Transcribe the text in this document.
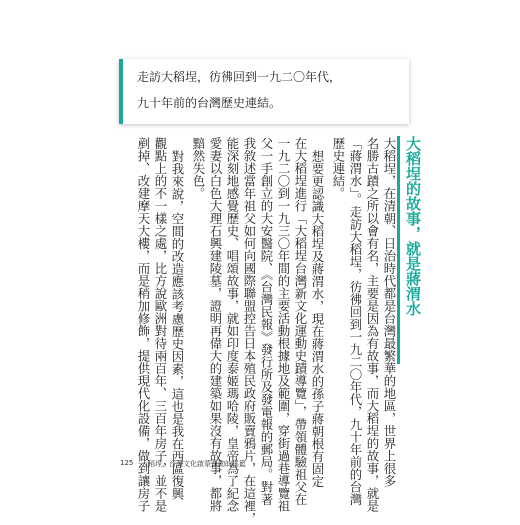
走訪大稻埕，彷彿回到一九二〇年代，
九十年前的台灣歷史連結。
大稻埕的故事，就是蔣渭水
大稻埕，在清朝、日治時代都是台灣最繁華的地區，世界上很多
名勝古蹟之所以會有名，主要是因為有故事，而大稻埕的故事，就是
「蔣渭水」。走訪大稻埕，彷彿回到一九二〇年代，九十年前的台灣
歷史連結。
想要更認識大稻埕及蔣渭水，現在蔣渭水的孫子蔣朝根有固定
在大稻埕進行「大稻埕台灣新文化運動史蹟導覽」，帶領體驗祖父在
一九二〇到一九三〇年間的主要活動根據地及範圍，穿街過巷導覽祖
父一手創立的大安醫院、《台灣民報》發行所及發電報的郵局。對著
我敘述當年祖父如何向國際聯盟控告日本殖民政府販賣鴉片，在這裡，
能深刻地感覺歷史、唱頌故事，就如印度泰姬瑪哈陵，皇帝為了紀念
愛妻以白色大理石興建陵墓，證明再偉大的建築如果沒有故事，都將
黯然失色。
對我來說，空間的改造應該考慮歷史因素，這也是我在西區復興
觀點上的不一樣之處，比方說歐洲對待兩百年、三百年房子，並不是
剷掉、改建摩天大樓，而是稍加修飾，提供現代化設備，做到讓房子
125 大稻埕，台灣文化啟蒙運動的搖籃
